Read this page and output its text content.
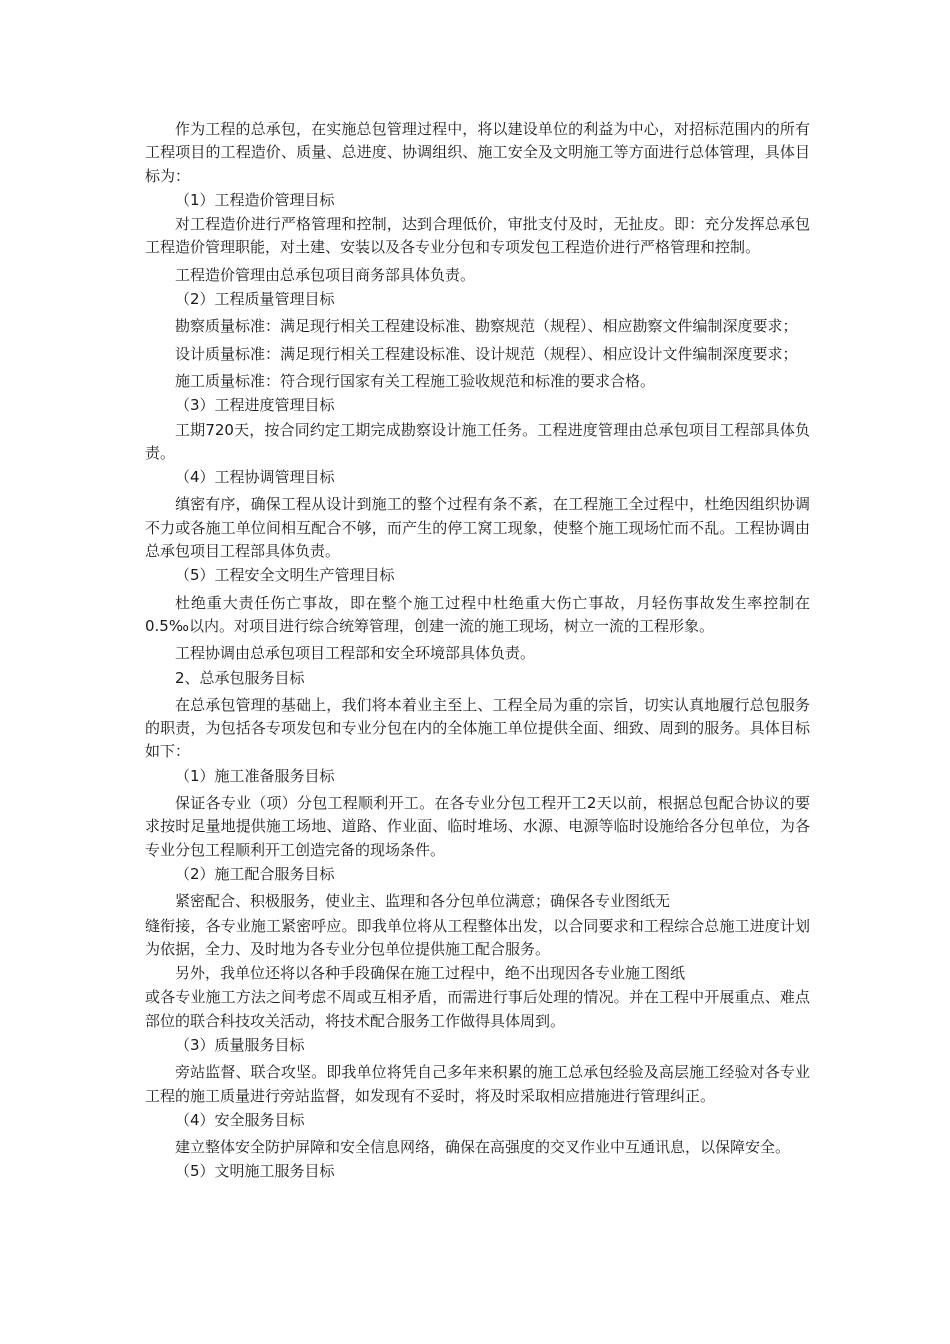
作为工程的总承包，在实施总包管理过程中，将以建设单位的利益为中心，对招标范围内的所有工程项目的工程造价、质量、总进度、协调组织、施工安全及文明施工等方面进行总体管理，具体目标为：

（1）工程造价管理目标

对工程造价进行严格管理和控制，达到合理低价，审批支付及时，无扯皮。即：充分发挥总承包工程造价管理职能，对土建、安装以及各专业分包和专项发包工程造价进行严格管理和控制。

工程造价管理由总承包项目商务部具体负责。

（2）工程质量管理目标

勘察质量标准：满足现行相关工程建设标准、勘察规范（规程）、相应勘察文件编制深度要求；

设计质量标准：满足现行相关工程建设标准、设计规范（规程）、相应设计文件编制深度要求；

施工质量标准：符合现行国家有关工程施工验收规范和标准的要求合格。

（3）工程进度管理目标

工期720天，按合同约定工期完成勘察设计施工任务。工程进度管理由总承包项目工程部具体负责。

（4）工程协调管理目标

缜密有序，确保工程从设计到施工的整个过程有条不紊，在工程施工全过程中，杜绝因组织协调不力或各施工单位间相互配合不够，而产生的停工窝工现象，使整个施工现场忙而不乱。工程协调由总承包项目工程部具体负责。

（5）工程安全文明生产管理目标

杜绝重大责任伤亡事故，即在整个施工过程中杜绝重大伤亡事故，月轻伤事故发生率控制在0.5‰以内。对项目进行综合统筹管理，创建一流的施工现场，树立一流的工程形象。

工程协调由总承包项目工程部和安全环境部具体负责。

2、总承包服务目标

在总承包管理的基础上，我们将本着业主至上、工程全局为重的宗旨，切实认真地履行总包服务的职责，为包括各专项发包和专业分包在内的全体施工单位提供全面、细致、周到的服务。具体目标如下：

（1）施工准备服务目标

保证各专业（项）分包工程顺利开工。在各专业分包工程开工2天以前，根据总包配合协议的要求按时足量地提供施工场地、道路、作业面、临时堆场、水源、电源等临时设施给各分包单位，为各专业分包工程顺利开工创造完备的现场条件。

（2）施工配合服务目标

紧密配合、积极服务，使业主、监理和各分包单位满意；确保各专业图纸无

缝衔接，各专业施工紧密呼应。即我单位将从工程整体出发，以合同要求和工程综合总施工进度计划为依据，全力、及时地为各专业分包单位提供施工配合服务。

另外，我单位还将以各种手段确保在施工过程中，绝不出现因各专业施工图纸

或各专业施工方法之间考虑不周或互相矛盾，而需进行事后处理的情况。并在工程中开展重点、难点部位的联合科技攻关活动，将技术配合服务工作做得具体周到。

（3）质量服务目标

旁站监督、联合攻坚。即我单位将凭自己多年来积累的施工总承包经验及高层施工经验对各专业工程的施工质量进行旁站监督，如发现有不妥时，将及时采取相应措施进行管理纠正。

（4）安全服务目标

建立整体安全防护屏障和安全信息网络，确保在高强度的交叉作业中互通讯息，以保障安全。

（5）文明施工服务目标
